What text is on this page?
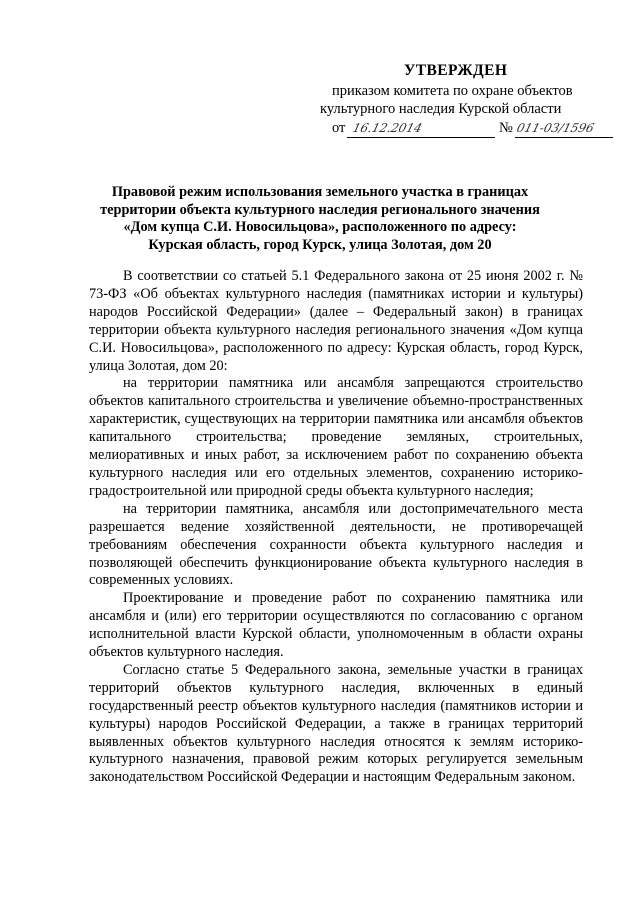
УТВЕРЖДЕН
приказом комитета по охране объектов
культурного наследия Курской области
от 16.12.2014	№ 011-03/1596
Правовой режим использования земельного участка в границах
территории объекта культурного наследия регионального значения
«Дом купца С.И. Новосильцова», расположенного по адресу:
Курская область, город Курск, улица Золотая, дом 20

В соответствии со статьей 5.1 Федерального закона от 25 июня 2002 г. № 73-ФЗ «Об объектах культурного наследия (памятниках истории и культуры) народов Российской Федерации» (далее – Федеральный закон) в границах территории объекта культурного наследия регионального значения «Дом купца С.И. Новосильцова», расположенного по адресу: Курская область, город Курск, улица Золотая, дом 20:

на территории памятника или ансамбля запрещаются строительство объектов капитального строительства и увеличение объемно-пространственных характеристик, существующих на территории памятника или ансамбля объектов капитального строительства; проведение земляных, строительных, мелиоративных и иных работ, за исключением работ по сохранению объекта культурного наследия или его отдельных элементов, сохранению историко-градостроительной или природной среды объекта культурного наследия;

на территории памятника, ансамбля или достопримечательного места разрешается ведение хозяйственной деятельности, не противоречащей требованиям обеспечения сохранности объекта культурного наследия и позволяющей обеспечить функционирование объекта культурного наследия в современных условиях.

Проектирование и проведение работ по сохранению памятника или ансамбля и (или) его территории осуществляются по согласованию с органом исполнительной власти Курской области, уполномоченным в области охраны объектов культурного наследия.

Согласно статье 5 Федерального закона, земельные участки в границах территорий объектов культурного наследия, включенных в единый государственный реестр объектов культурного наследия (памятников истории и культуры) народов Российской Федерации, а также в границах территорий выявленных объектов культурного наследия относятся к землям историко-культурного назначения, правовой режим которых регулируется земельным законодательством Российской Федерации и настоящим Федеральным законом.
